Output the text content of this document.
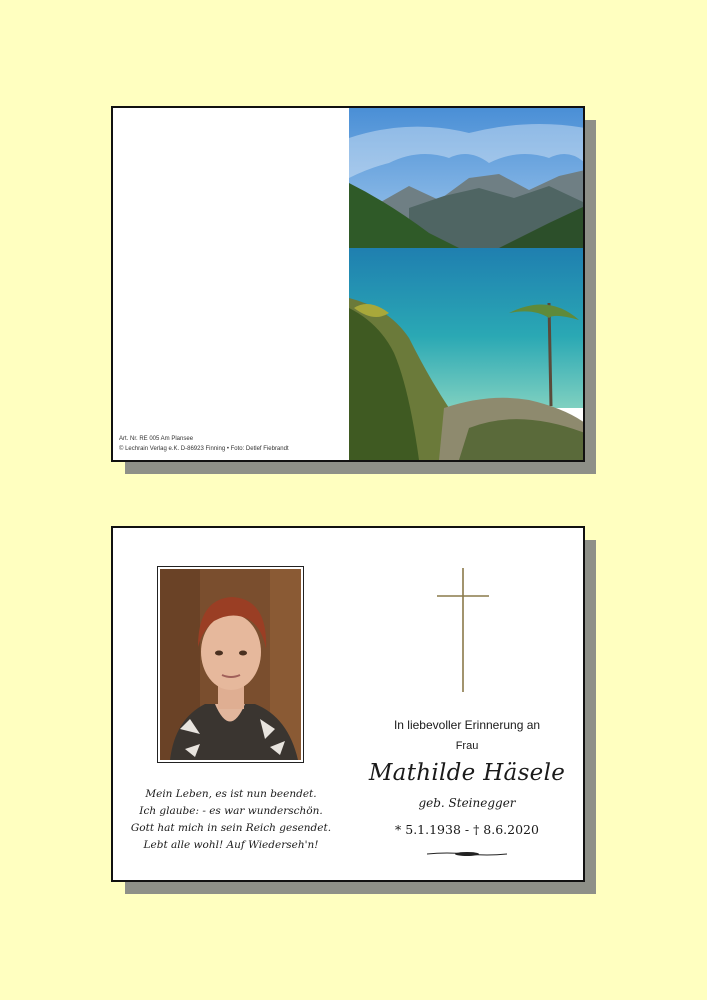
Art. Nr. RE 005 Am Plansee
© Lechrain Verlag e.K. D-86923 Finning • Foto: Detlef Fiebrandt
Mein Leben, es ist nun beendet.
Ich glaube: - es war wunderschön.
Gott hat mich in sein Reich gesendet.
Lebt alle wohl! Auf Wiederseh'n!
In liebevoller Erinnerung an
Frau
Mathilde Häsele
geb. Steinegger
* 5.1.1938 - † 8.6.2020
